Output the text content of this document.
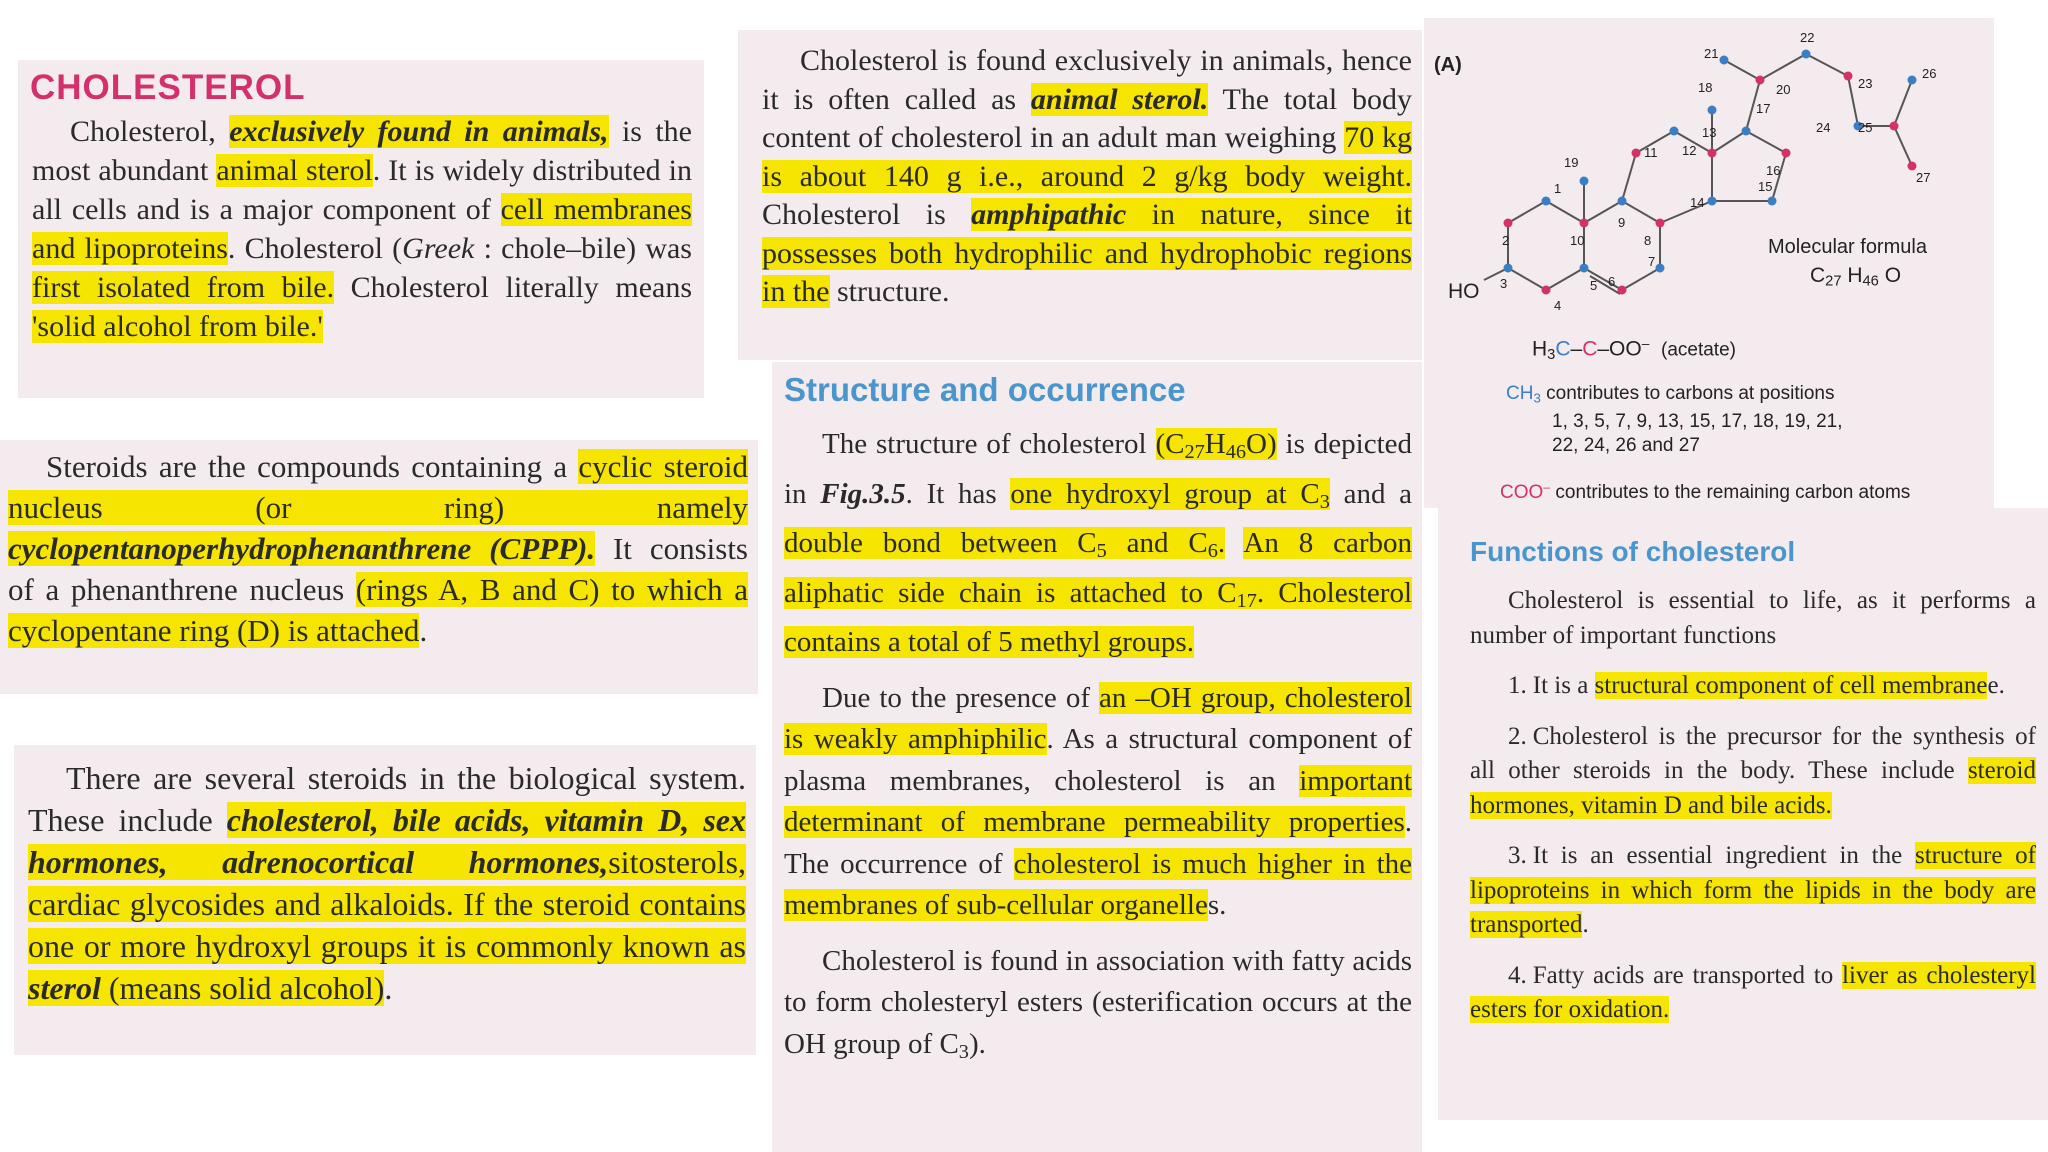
CHOLESTEROL

Cholesterol, exclusively found in animals, is the most abundant animal sterol. It is widely distributed in all cells and is a major component of cell membranes and lipoproteins. Cholesterol (Greek : chole–bile) was first isolated from bile. Cholesterol literally means 'solid alcohol from bile.'

Steroids are the compounds containing a cyclic steroid nucleus (or ring) namely cyclopentanoperhydrophenanthrene (CPPP). It consists of a phenanthrene nucleus (rings A, B and C) to which a cyclopentane ring (D) is attached.

There are several steroids in the biological system. These include cholesterol, bile acids, vitamin D, sex hormones, adrenocortical hormones,sitosterols, cardiac glycosides and alkaloids. If the steroid contains one or more hydroxyl groups it is commonly known as sterol (means solid alcohol).

Cholesterol is found exclusively in animals, hence it is often called as animal sterol. The total body content of cholesterol in an adult man weighing 70 kg is about 140 g i.e., around 2 g/kg body weight. Cholesterol is amphipathic in nature, since it possesses both hydrophilic and hydrophobic regions in the structure.

Structure and occurrence

The structure of cholesterol $(C_{27}H_{46}O)$ is depicted in Fig.3.5. It has one hydroxyl group at $C_3$ and a double bond between $C_5$ and $C_6$. An 8 carbon aliphatic side chain is attached to $C_{17}$. Cholesterol contains a total of 5 methyl groups.

Due to the presence of an –OH group, cholesterol is weakly amphiphilic. As a structural component of plasma membranes, cholesterol is an important determinant of membrane permeability properties. The occurrence of cholesterol is much higher in the membranes of sub-cellular organelles.

Cholesterol is found in association with fatty acids to form cholesteryl esters (esterification occurs at the OH group of $C_3$).

Functions of cholesterol

Cholesterol is essential to life, as it performs a number of important functions

1. It is a structural component of cell membranee.

2. Cholesterol is the precursor for the synthesis of all other steroids in the body. These include steroid hormones, vitamin D and bile acids.

3. It is an essential ingredient in the structure of lipoproteins in which form the lipids in the body are transported.

4. Fatty acids are transported to liver as cholesteryl esters for oxidation.

1
2
3
4
5 6
7
8
9
10
11 12
13
14
15
16
17
18
19
20
21
22
23
24 25
26
27
(A)
HO
Molecular formula
$C_{27}$ $H_{46}$ O
$H_3C-C-OO^-$ (acetate)
$CH_3$ contributes to carbons at positions
1, 3, 5, 7, 9, 13, 15, 17, 18, 19, 21,
22, 24, 26 and 27
COO– contributes to the remaining carbon atoms
